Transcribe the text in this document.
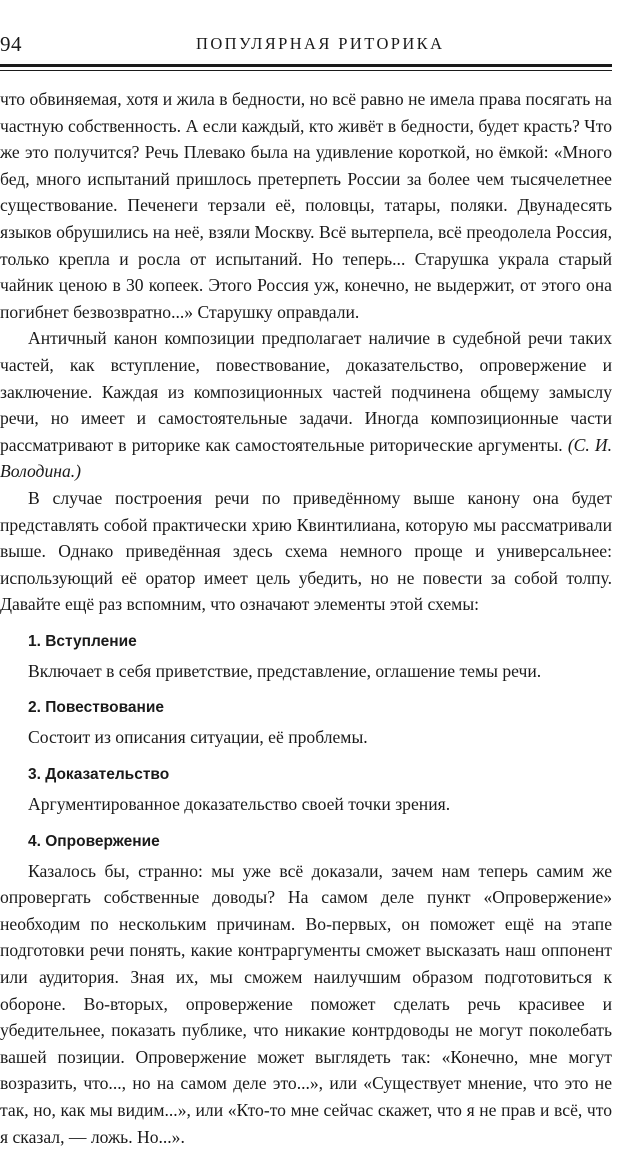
94	ПОПУЛЯРНАЯ РИТОРИКА

что обвиняемая, хотя и жила в бедности, но всё равно не имела права посягать на частную собственность. А если каждый, кто живёт в бедности, будет красть? Что же это получится? Речь Плевако была на удивление короткой, но ёмкой: «Много бед, много испытаний пришлось претерпеть России за более чем тысячелетнее существование. Печенеги терзали её, половцы, татары, поляки. Двунадесять языков обрушились на неё, взяли Москву. Всё вытерпела, всё преодолела Россия, только крепла и росла от испытаний. Но теперь... Старушка украла старый чайник ценою в 30 копеек. Этого Россия уж, конечно, не выдержит, от этого она погибнет безвозвратно...» Старушку оправдали.

Античный канон композиции предполагает наличие в судебной речи таких частей, как вступление, повествование, доказательство, опровержение и заключение. Каждая из композиционных частей подчинена общему замыслу речи, но имеет и самостоятельные задачи. Иногда композиционные части рассматривают в риторике как самостоятельные риторические аргументы. (С. И. Володина.)

В случае построения речи по приведённому выше канону она будет представлять собой практически хрию Квинтилиана, которую мы рассматривали выше. Однако приведённая здесь схема немного проще и универсальнее: использующий её оратор имеет цель убедить, но не повести за собой толпу. Давайте ещё раз вспомним, что означают элементы этой схемы:

1. Вступление

Включает в себя приветствие, представление, оглашение темы речи.

2. Повествование

Состоит из описания ситуации, её проблемы.

3. Доказательство

Аргументированное доказательство своей точки зрения.

4. Опровержение

Казалось бы, странно: мы уже всё доказали, зачем нам теперь самим же опровергать собственные доводы? На самом деле пункт «Опровержение» необходим по нескольким причинам. Во-первых, он поможет ещё на этапе подготовки речи понять, какие контраргументы сможет высказать наш оппонент или аудитория. Зная их, мы сможем наилучшим образом подготовиться к обороне. Во-вторых, опровержение поможет сделать речь красивее и убедительнее, показать публике, что никакие контрдоводы не могут поколебать вашей позиции. Опровержение может выглядеть так: «Конечно, мне могут возразить, что..., но на самом деле это...», или «Существует мнение, что это не так, но, как мы видим...», или «Кто-то мне сейчас скажет, что я не прав и всё, что я сказал, — ложь. Но...».
